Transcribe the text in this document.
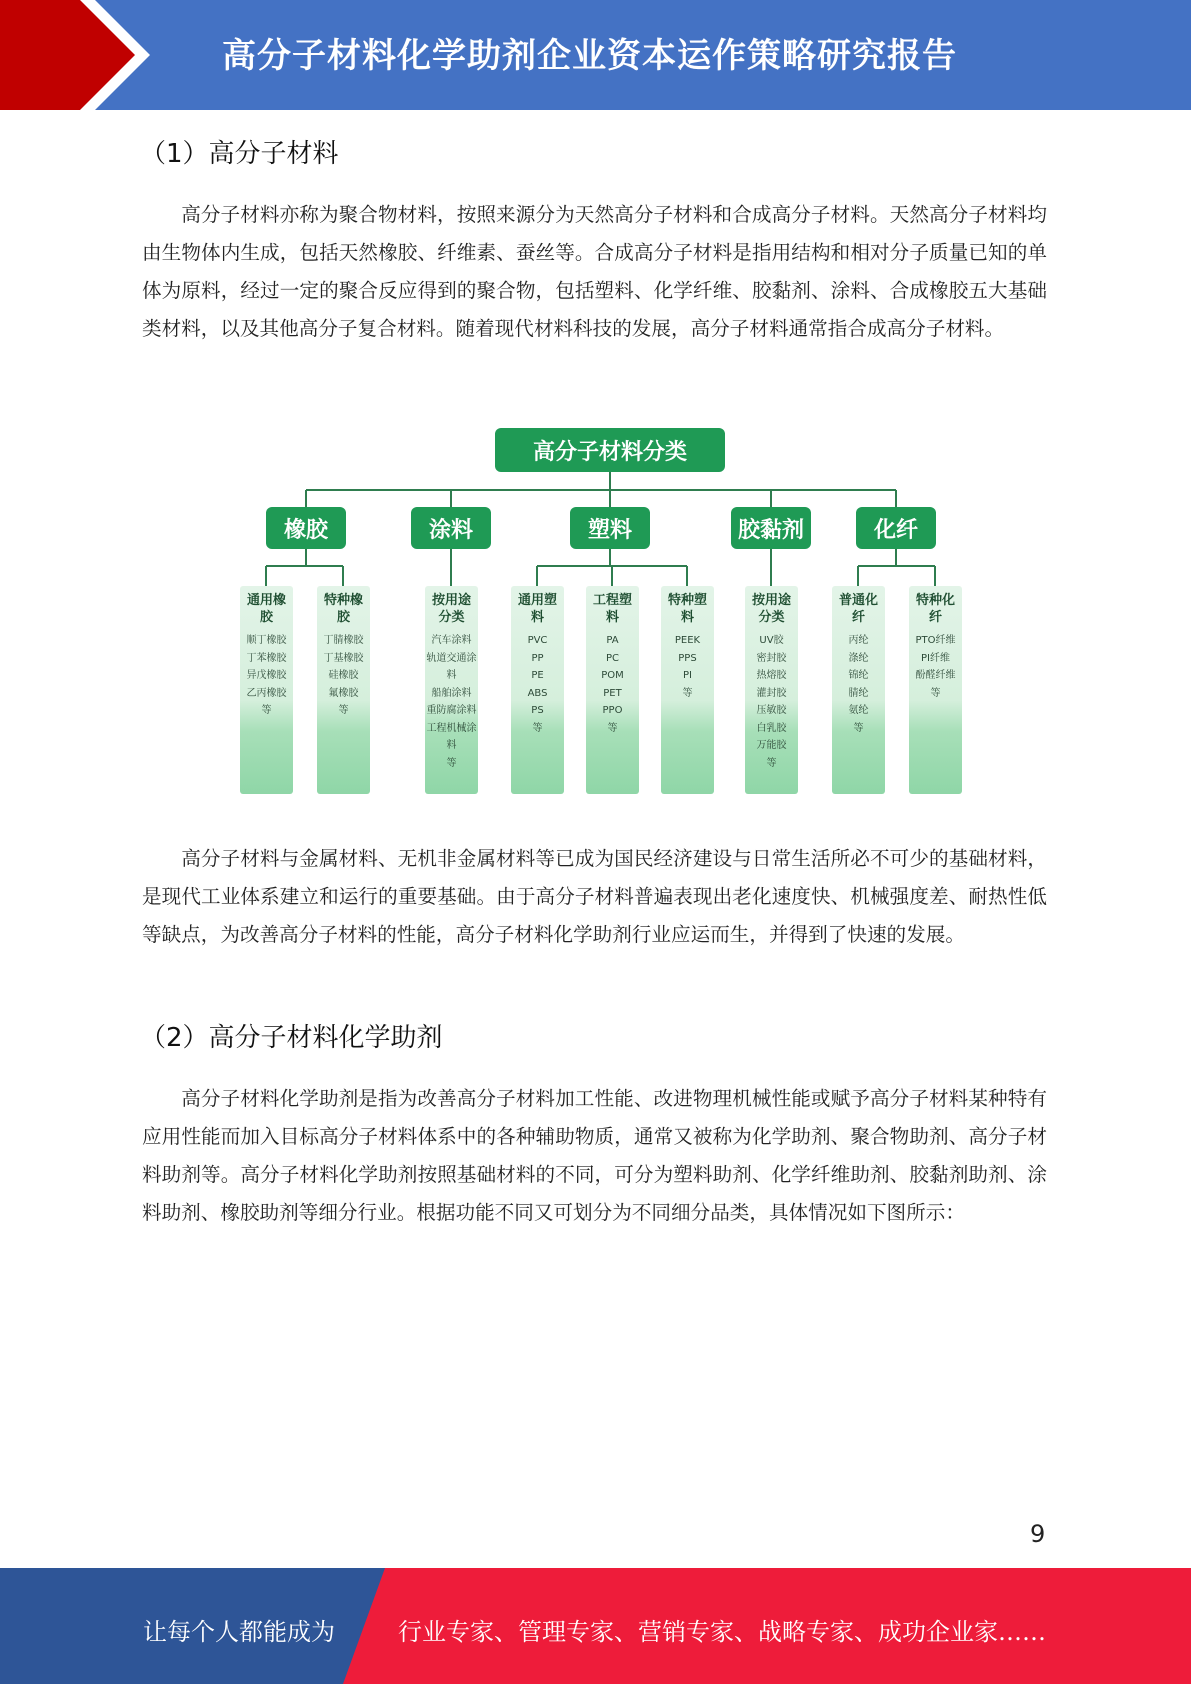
高分子材料化学助剂企业资本运作策略研究报告
（1）高分子材料

高分子材料亦称为聚合物材料，按照来源分为天然高分子材料和合成高分子材料。天然高分子材料均由生物体内生成，包括天然橡胶、纤维素、蚕丝等。合成高分子材料是指用结构和相对分子质量已知的单体为原料，经过一定的聚合反应得到的聚合物，包括塑料、化学纤维、胶黏剂、涂料、合成橡胶五大基础类材料，以及其他高分子复合材料。随着现代材料科技的发展，高分子材料通常指合成高分子材料。

高分子材料分类
橡胶	涂料	塑料	胶黏剂	化纤
通用橡胶
顺丁橡胶
丁苯橡胶
异戊橡胶
乙丙橡胶
等
特种橡胶
丁腈橡胶
丁基橡胶
硅橡胶
氟橡胶
等
按用途分类
汽车涂料
轨道交通涂料
船舶涂料
重防腐涂料
工程机械涂料
等
通用塑料
PVC
PP
PE
ABS
PS
等
工程塑料
PA
PC
POM
PET
PPO
等
特种塑料
PEEK
PPS
PI
等
按用途分类
UV胶
密封胶
热熔胶
灌封胶
压敏胶
白乳胶
万能胶
等
普通化纤
丙纶
涤纶
锦纶
腈纶
氨纶
等
特种化纤
PTO纤维
PI纤维
酚醛纤维
等

高分子材料与金属材料、无机非金属材料等已成为国民经济建设与日常生活所必不可少的基础材料，是现代工业体系建立和运行的重要基础。由于高分子材料普遍表现出老化速度快、机械强度差、耐热性低等缺点，为改善高分子材料的性能，高分子材料化学助剂行业应运而生，并得到了快速的发展。

（2）高分子材料化学助剂

高分子材料化学助剂是指为改善高分子材料加工性能、改进物理机械性能或赋予高分子材料某种特有应用性能而加入目标高分子材料体系中的各种辅助物质，通常又被称为化学助剂、聚合物助剂、高分子材料助剂等。高分子材料化学助剂按照基础材料的不同，可分为塑料助剂、化学纤维助剂、胶黏剂助剂、涂料助剂、橡胶助剂等细分行业。根据功能不同又可划分为不同细分品类，具体情况如下图所示：

9
让每个人都能成为	行业专家、管理专家、营销专家、战略专家、成功企业家……
